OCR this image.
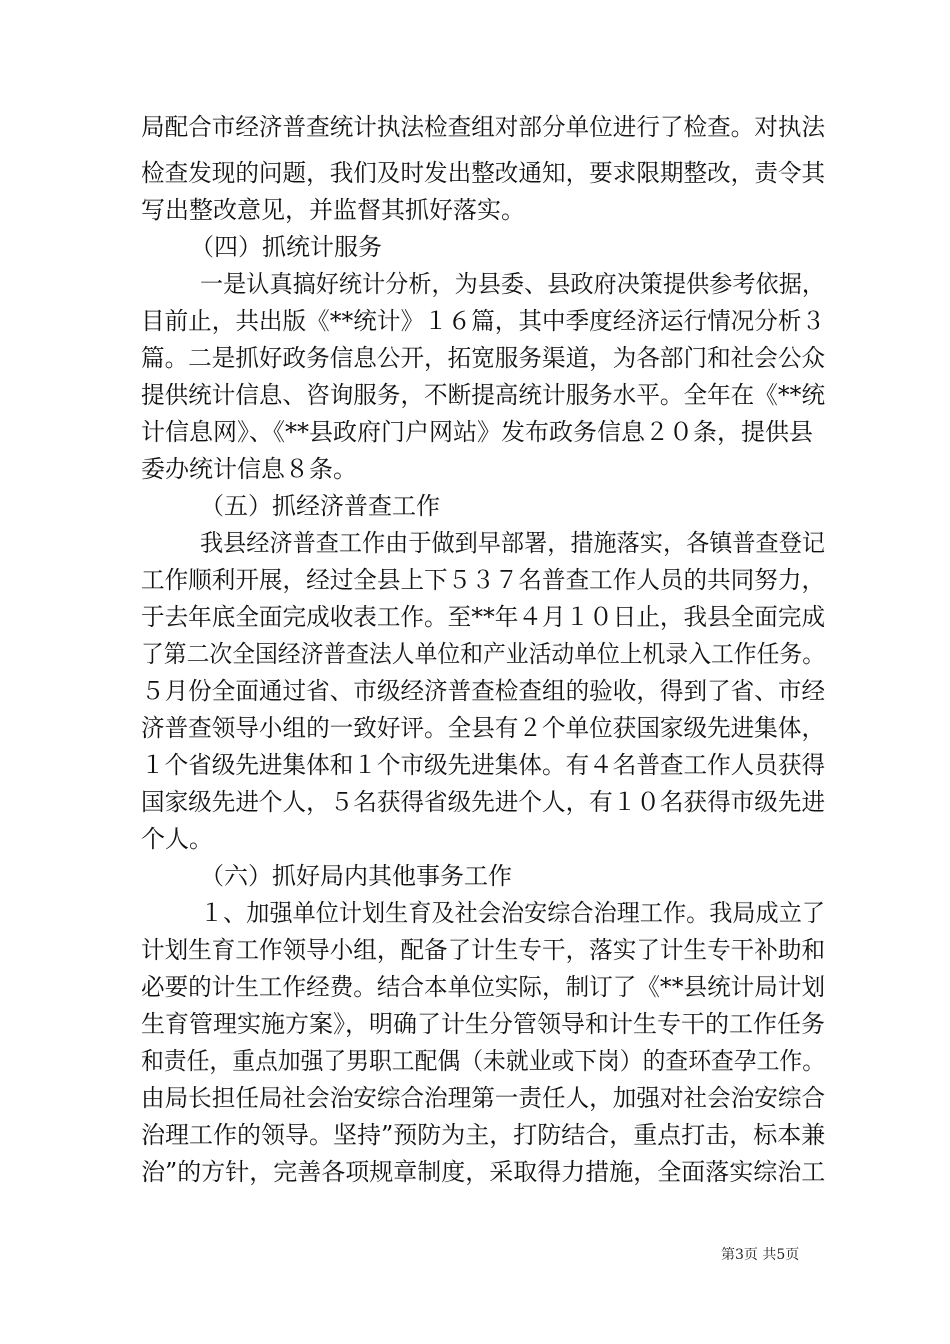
局配合市经济普查统计执法检查组对部分单位进行了检查。对执法
检查发现的问题，我们及时发出整改通知，要求限期整改，责令其
写出整改意见，并监督其抓好落实。
（四）抓统计服务
一是认真搞好统计分析，为县委、县政府决策提供参考依据，
目前止，共出版《**统计》１６篇，其中季度经济运行情况分析３
篇。二是抓好政务信息公开，拓宽服务渠道，为各部门和社会公众
提供统计信息、咨询服务，不断提高统计服务水平。全年在《**统
计信息网》、《**县政府门户网站》发布政务信息２０条，提供县
委办统计信息８条。
（五）抓经济普查工作
我县经济普查工作由于做到早部署，措施落实，各镇普查登记
工作顺利开展，经过全县上下５３７名普查工作人员的共同努力，
于去年底全面完成收表工作。至**年４月１０日止，我县全面完成
了第二次全国经济普查法人单位和产业活动单位上机录入工作任务。
５月份全面通过省、市级经济普查检查组的验收，得到了省、市经
济普查领导小组的一致好评。全县有２个单位获国家级先进集体，
１个省级先进集体和１个市级先进集体。有４名普查工作人员获得
国家级先进个人，５名获得省级先进个人，有１０名获得市级先进
个人。
（六）抓好局内其他事务工作
１、加强单位计划生育及社会治安综合治理工作。我局成立了
计划生育工作领导小组，配备了计生专干，落实了计生专干补助和
必要的计生工作经费。结合本单位实际，制订了《**县统计局计划
生育管理实施方案》，明确了计生分管领导和计生专干的工作任务
和责任，重点加强了男职工配偶（未就业或下岗）的查环查孕工作。
由局长担任局社会治安综合治理第一责任人，加强对社会治安综合
治理工作的领导。坚持”预防为主，打防结合，重点打击，标本兼
治”的方针，完善各项规章制度，采取得力措施，全面落实综治工
第3页 共5页
